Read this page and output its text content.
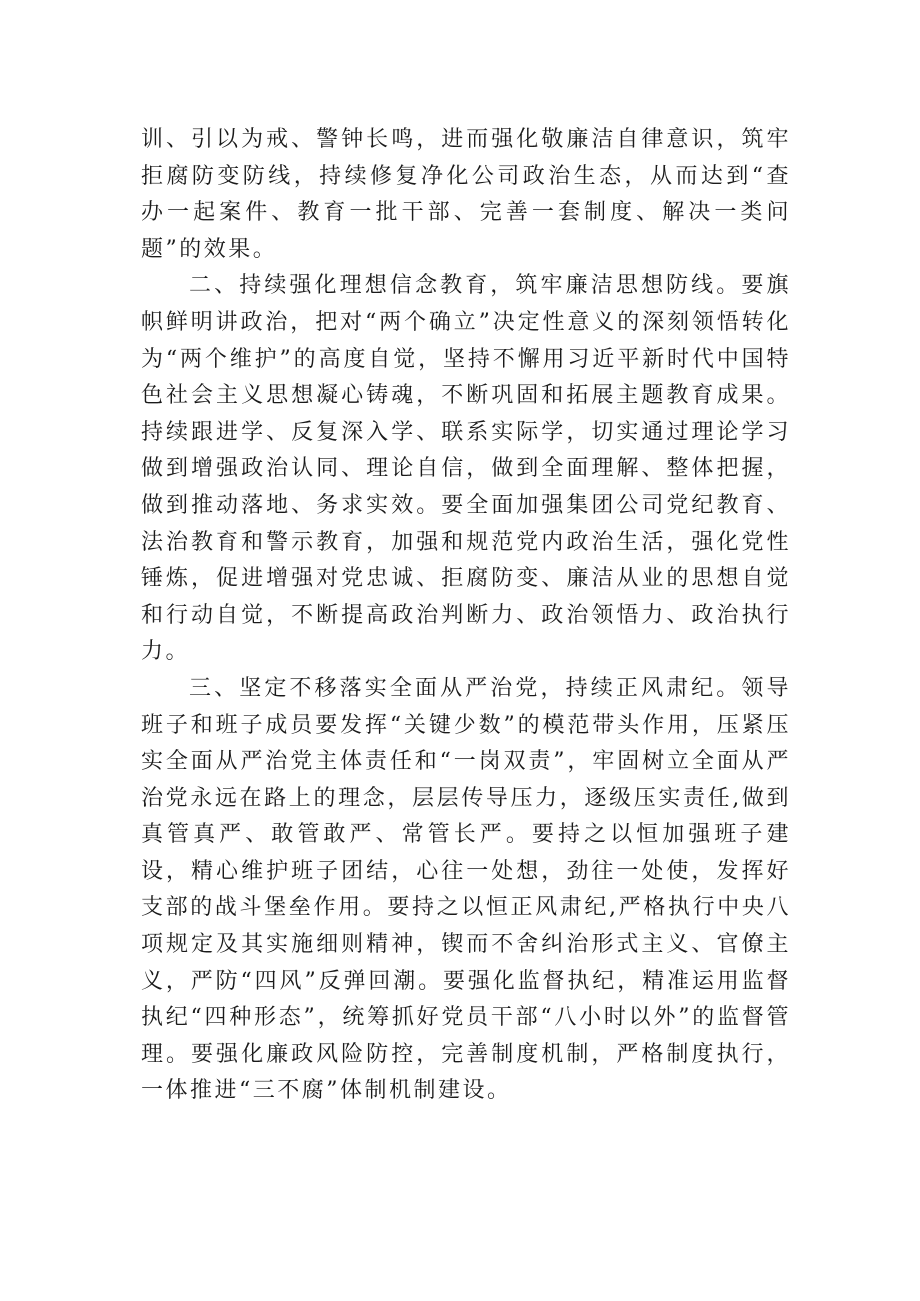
训、引以为戒、警钟长鸣，进而强化敬廉洁自律意识，筑牢拒腐防变防线，持续修复净化公司政治生态，从而达到“查办一起案件、教育一批干部、完善一套制度、解决一类问题”的效果。

二、持续强化理想信念教育，筑牢廉洁思想防线。要旗帜鲜明讲政治，把对“两个确立”决定性意义的深刻领悟转化为“两个维护”的高度自觉，坚持不懈用习近平新时代中国特色社会主义思想凝心铸魂，不断巩固和拓展主题教育成果。持续跟进学、反复深入学、联系实际学，切实通过理论学习做到增强政治认同、理论自信，做到全面理解、整体把握，做到推动落地、务求实效。要全面加强集团公司党纪教育、法治教育和警示教育，加强和规范党内政治生活，强化党性锤炼，促进增强对党忠诚、拒腐防变、廉洁从业的思想自觉和行动自觉，不断提高政治判断力、政治领悟力、政治执行力。

三、坚定不移落实全面从严治党，持续正风肃纪。领导班子和班子成员要发挥“关键少数”的模范带头作用，压紧压实全面从严治党主体责任和“一岗双责”，牢固树立全面从严治党永远在路上的理念，层层传导压力，逐级压实责任,做到真管真严、敢管敢严、常管长严。要持之以恒加强班子建设，精心维护班子团结，心往一处想，劲往一处使，发挥好支部的战斗堡垒作用。要持之以恒正风肃纪,严格执行中央八项规定及其实施细则精神，锲而不舍纠治形式主义、官僚主义，严防“四风”反弹回潮。要强化监督执纪，精准运用监督执纪“四种形态”，统筹抓好党员干部“八小时以外”的监督管理。要强化廉政风险防控，完善制度机制，严格制度执行，一体推进“三不腐”体制机制建设。
